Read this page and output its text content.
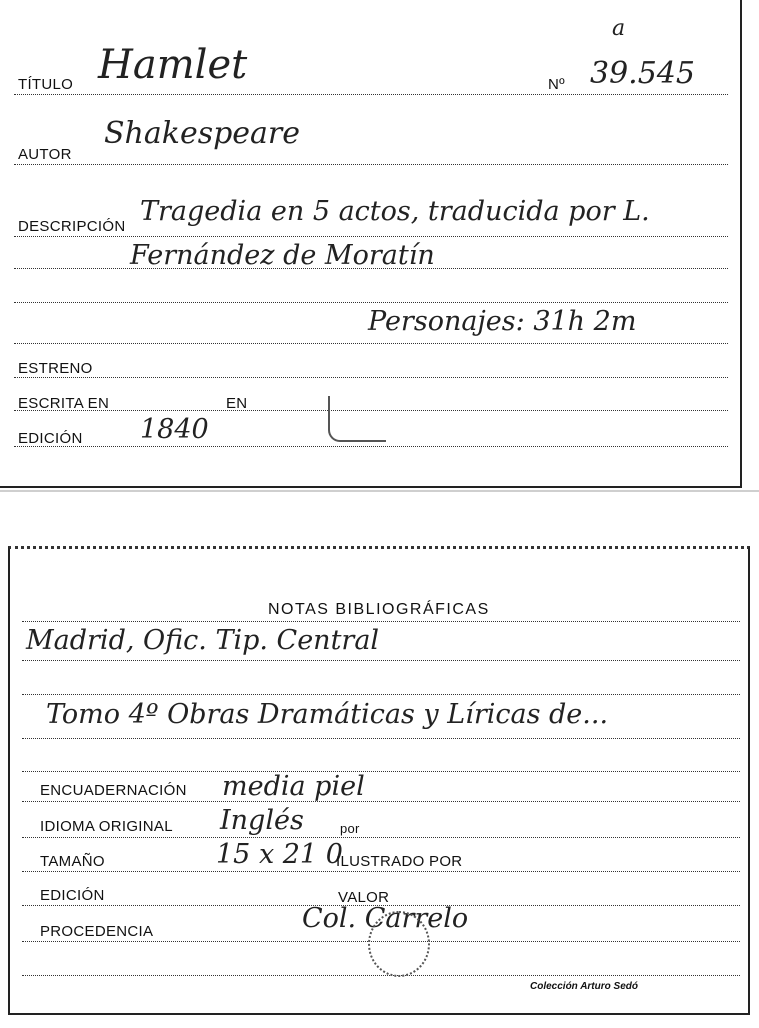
a
TÍTULO Hamlet	Nº 39.545
AUTOR
Shakespeare
DESCRIPCIÓN Tragedia en 5 actos, traducida por L.
Fernández de Moratín
Personajes: 31h 2m
ESTRENO
ESCRITA EN	EN
EDICIÓN 1840
NOTAS BIBLIOGRÁFICAS
Madrid, Ofic. Tip. Central
Tomo 4º Obras Dramáticas y Líricas de...
ENCUADERNACIÓN media piel
IDIOMA ORIGINAL Inglés	por
TAMAÑO	15 x 21 0
ILUSTRADO POR
EDICIÓN	VALOR
PROCEDENCIA	Col. Carrelo
Colección Arturo Sedó
